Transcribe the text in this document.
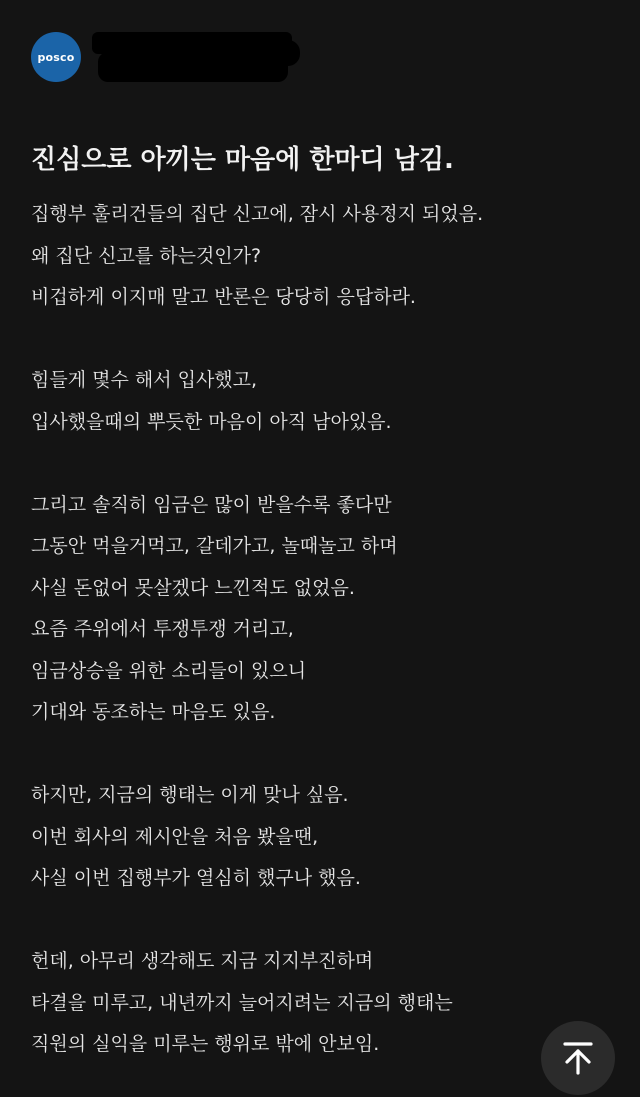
posco
진심으로 아끼는 마음에 한마디 남김.
집행부 훌리건들의 집단 신고에, 잠시 사용정지 되었음.
왜 집단 신고를 하는것인가?
비겁하게 이지매 말고 반론은 당당히 응답하라.
힘들게 몇수 해서 입사했고,
입사했을때의 뿌듯한 마음이 아직 남아있음.
그리고 솔직히 임금은 많이 받을수록 좋다만
그동안 먹을거먹고, 갈데가고, 놀때놀고 하며
사실 돈없어 못살겠다 느낀적도 없었음.
요즘 주위에서 투쟁투쟁 거리고,
임금상승을 위한 소리들이 있으니
기대와 동조하는 마음도 있음.
하지만, 지금의 행태는 이게 맞나 싶음.
이번 회사의 제시안을 처음 봤을땐,
사실 이번 집행부가 열심히 했구나 했음.
헌데, 아무리 생각해도 지금 지지부진하며
타결을 미루고, 내년까지 늘어지려는 지금의 행태는
직원의 실익을 미루는 행위로 밖에 안보임.
